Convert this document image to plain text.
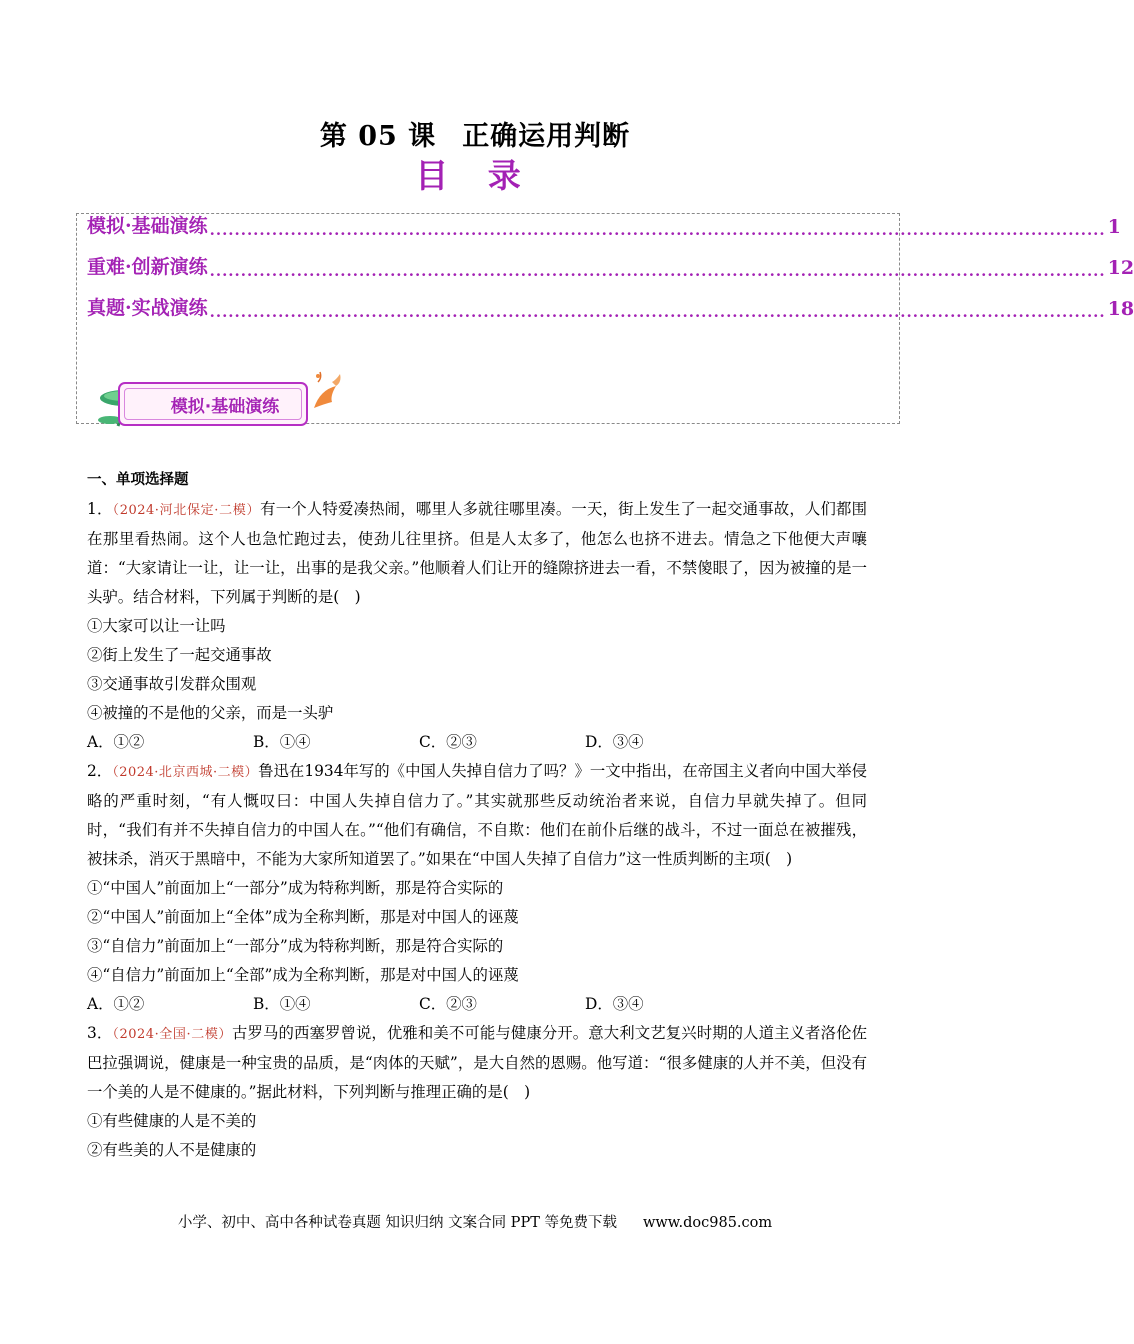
第 05 课 正确运用判断
目 录
模拟·基础演练 ................................................................................................................................................ 1
重难·创新演练 ................................................................................................................................................ 12
真题·实战演练 ................................................................................................................................................ 18
模拟·基础演练
一、单项选择题
1．（2024·河北保定·二模）有一个人特爱凑热闹，哪里人多就往哪里凑。一天，街上发生了一起交通事故，人们都围在那里看热闹。这个人也急忙跑过去，使劲儿往里挤。但是人太多了，他怎么也挤不进去。情急之下他便大声嚷道：“大家请让一让，让一让，出事的是我父亲。”他顺着人们让开的缝隙挤进去一看，不禁傻眼了，因为被撞的是一头驴。结合材料，下列属于判断的是(　)
①大家可以让一让吗
②街上发生了一起交通事故
③交通事故引发群众围观
④被撞的不是他的父亲，而是一头驴
A．①②	B．①④	C．②③	D．③④
2．（2024·北京西城·二模）鲁迅在1934年写的《中国人失掉自信力了吗？》一文中指出，在帝国主义者向中国大举侵略的严重时刻，“有人慨叹曰：中国人失掉自信力了。”其实就那些反动统治者来说，自信力早就失掉了。但同时，“我们有并不失掉自信力的中国人在。”“他们有确信，不自欺：他们在前仆后继的战斗，不过一面总在被摧残，被抹杀，消灭于黑暗中，不能为大家所知道罢了。”如果在“中国人失掉了自信力”这一性质判断的主项(　)
①“中国人”前面加上“一部分”成为特称判断，那是符合实际的
②“中国人”前面加上“全体”成为全称判断，那是对中国人的诬蔑
③“自信力”前面加上“一部分”成为特称判断，那是符合实际的
④“自信力”前面加上“全部”成为全称判断，那是对中国人的诬蔑
A．①②	B．①④	C．②③	D．③④
3．（2024·全国·二模）古罗马的西塞罗曾说，优雅和美不可能与健康分开。意大利文艺复兴时期的人道主义者洛伦佐巴拉强调说，健康是一种宝贵的品质，是“肉体的天赋”，是大自然的恩赐。他写道：“很多健康的人并不美，但没有一个美的人是不健康的。”据此材料，下列判断与推理正确的是(　)
①有些健康的人是不美的
②有些美的人不是健康的
小学、初中、高中各种试卷真题 知识归纳 文案合同 PPT 等免费下载 www.doc985.com
